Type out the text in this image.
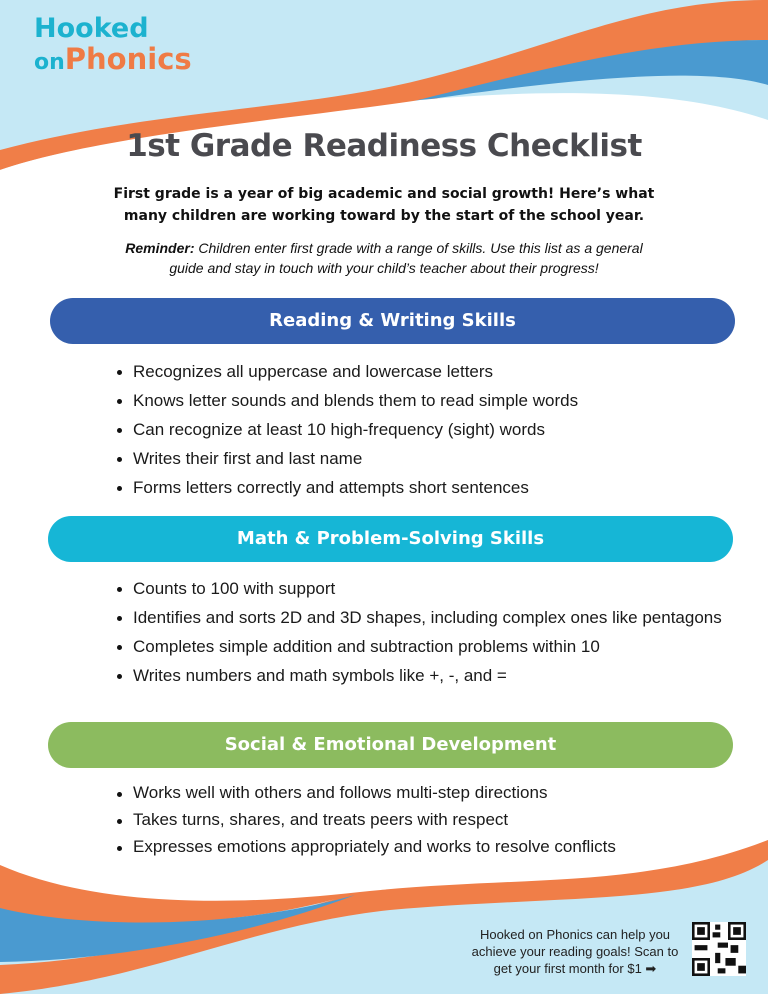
Hooked
onPhonics
1st Grade Readiness Checklist
First grade is a year of big academic and social growth! Here’s what many children are working toward by the start of the school year.
Reminder: Children enter first grade with a range of skills. Use this list as a general guide and stay in touch with your child’s teacher about their progress!
Reading & Writing Skills
Recognizes all uppercase and lowercase letters
Knows letter sounds and blends them to read simple words
Can recognize at least 10 high-frequency (sight) words
Writes their first and last name
Forms letters correctly and attempts short sentences
Math & Problem-Solving Skills
Counts to 100 with support
Identifies and sorts 2D and 3D shapes, including complex ones like pentagons
Completes simple addition and subtraction problems within 10
Writes numbers and math symbols like +, -, and =
Social & Emotional Development
Works well with others and follows multi-step directions
Takes turns, shares, and treats peers with respect
Expresses emotions appropriately and works to resolve conflicts
Hooked on Phonics can help you achieve your reading goals! Scan to get your first month for $1 ➡
